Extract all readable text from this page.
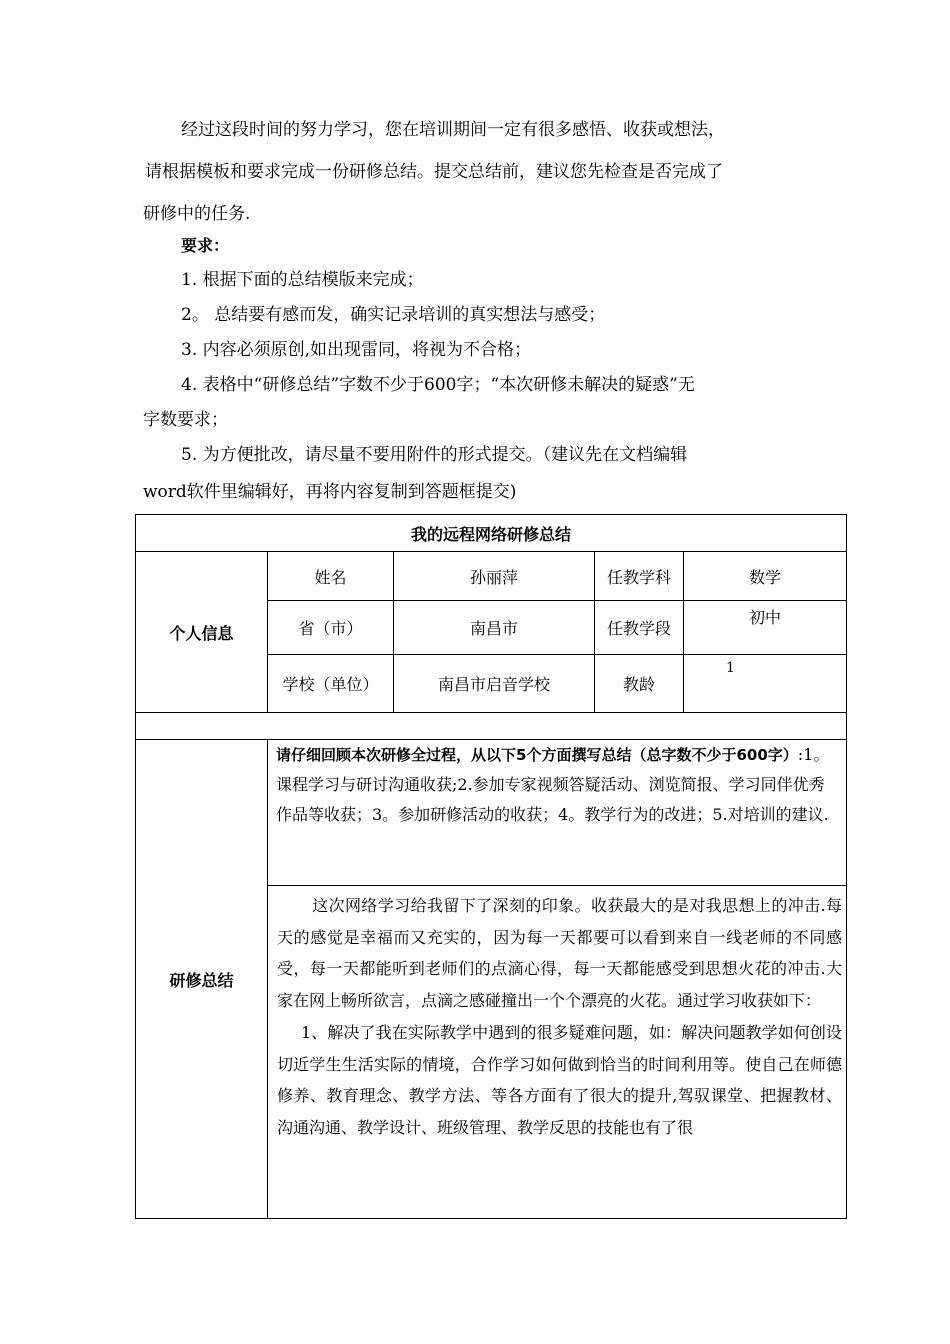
经过这段时间的努力学习，您在培训期间一定有很多感悟、收获或想法，
请根据模板和要求完成一份研修总结。提交总结前，建议您先检查是否完成了
研修中的任务.
要求：
1. 根据下面的总结模版来完成；
2。 总结要有感而发，确实记录培训的真实想法与感受；
3. 内容必须原创,如出现雷同，将视为不合格；
4. 表格中“研修总结”字数不少于600字；“本次研修未解决的疑惑”无
字数要求；
5. 为方便批改，请尽量不要用附件的形式提交。（建议先在文档编辑
word软件里编辑好，再将内容复制到答题框提交)
我的远程网络研修总结				
个人信息	姓名	孙丽萍	任教学科	数学
	省（市）	南昌市	任教学段	初中
	学校（单位）	南昌市启音学校	教龄	1

研修总结	请仔细回顾本次研修全过程，从以下5个方面撰写总结（总字数不少于600字）:1。课程学习与研讨沟通收获;2.参加专家视频答疑活动、浏览简报、学习同伴优秀作品等收获；3。参加研修活动的收获；4。教学行为的改进；5.对培训的建议.			

	这次网络学习给我留下了深刻的印象。收获最大的是对我思想上的冲击.每天的感觉是幸福而又充实的，因为每一天都要可以看到来自一线老师的不同感受，每一天都能听到老师们的点滴心得，每一天都能感受到思想火花的冲击.大家在网上畅所欲言，点滴之感碰撞出一个个漂亮的火花。通过学习收获如下：

1、解决了我在实际教学中遇到的很多疑难问题，如：解决问题教学如何创设切近学生生活实际的情境，合作学习如何做到恰当的时间利用等。使自己在师德修养、教育理念、教学方法、等各方面有了很大的提升,驾驭课堂、把握教材、沟通沟通、教学设计、班级管理、教学反思的技能也有了很			
